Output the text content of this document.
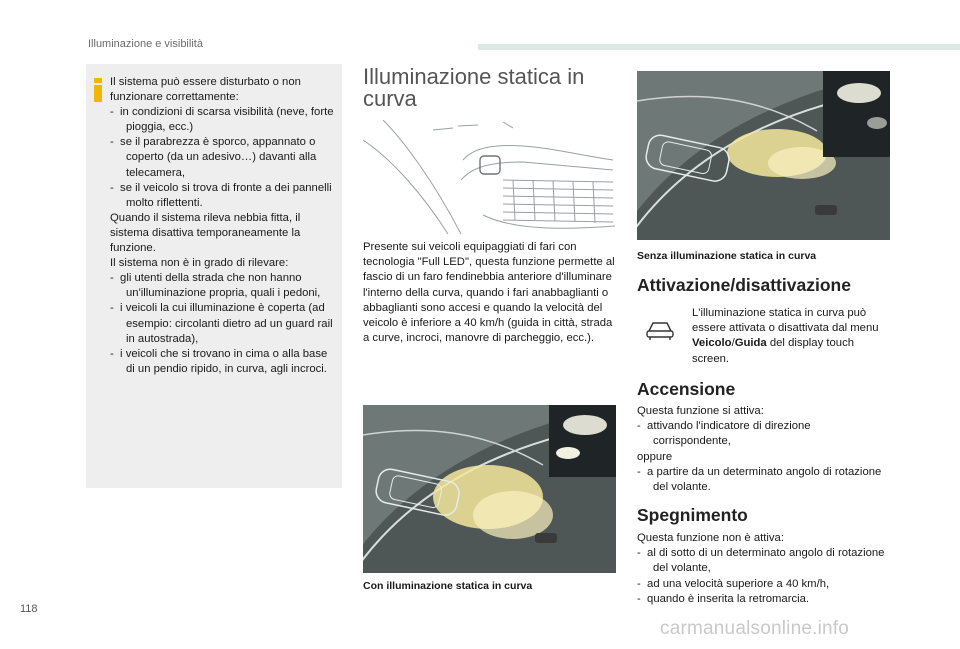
Illuminazione e visibilità

Il sistema può essere disturbato o non funzionare correttamente:

-  in condizioni di scarsa visibilità (neve, forte pioggia, ecc.)

-  se il parabrezza è sporco, appannato o coperto (da un adesivo…) davanti alla telecamera,

-  se il veicolo si trova di fronte a dei pannelli molto riflettenti.

Quando il sistema rileva nebbia fitta, il sistema disattiva temporaneamente la funzione.

Il sistema non è in grado di rilevare:

-  gli utenti della strada che non hanno un'illuminazione propria, quali i pedoni,

-  i veicoli la cui illuminazione è coperta (ad esempio: circolanti dietro ad un guard rail in autostrada),

-  i veicoli che si trovano in cima o alla base di un pendio ripido, in curva, agli incroci.

Illuminazione statica in curva

Presente sui veicoli equipaggiati di fari con tecnologia "Full LED", questa funzione permette al fascio di un faro fendinebbia anteriore d'illuminare l'interno della curva, quando i fari anabbaglianti o abbaglianti sono accesi e quando la velocità del veicolo è inferiore a 40 km/h (guida in città, strada a curve, incroci, manovre di parcheggio, ecc.).

Con illuminazione statica in curva
Senza illuminazione statica in curva
Attivazione/disattivazione

L'illuminazione statica in curva può essere attivata o disattivata dal menu Veicolo/Guida del display touch screen.

Accensione

Questa funzione si attiva:

-  attivando l'indicatore di direzione corrispondente,

oppure

-  a partire da un determinato angolo di rotazione del volante.

Spegnimento

Questa funzione non è attiva:

-  al di sotto di un determinato angolo di rotazione del volante,

-  ad una velocità superiore a 40 km/h,

-  quando è inserita la retromarcia.

118
carmanualsonline.info
